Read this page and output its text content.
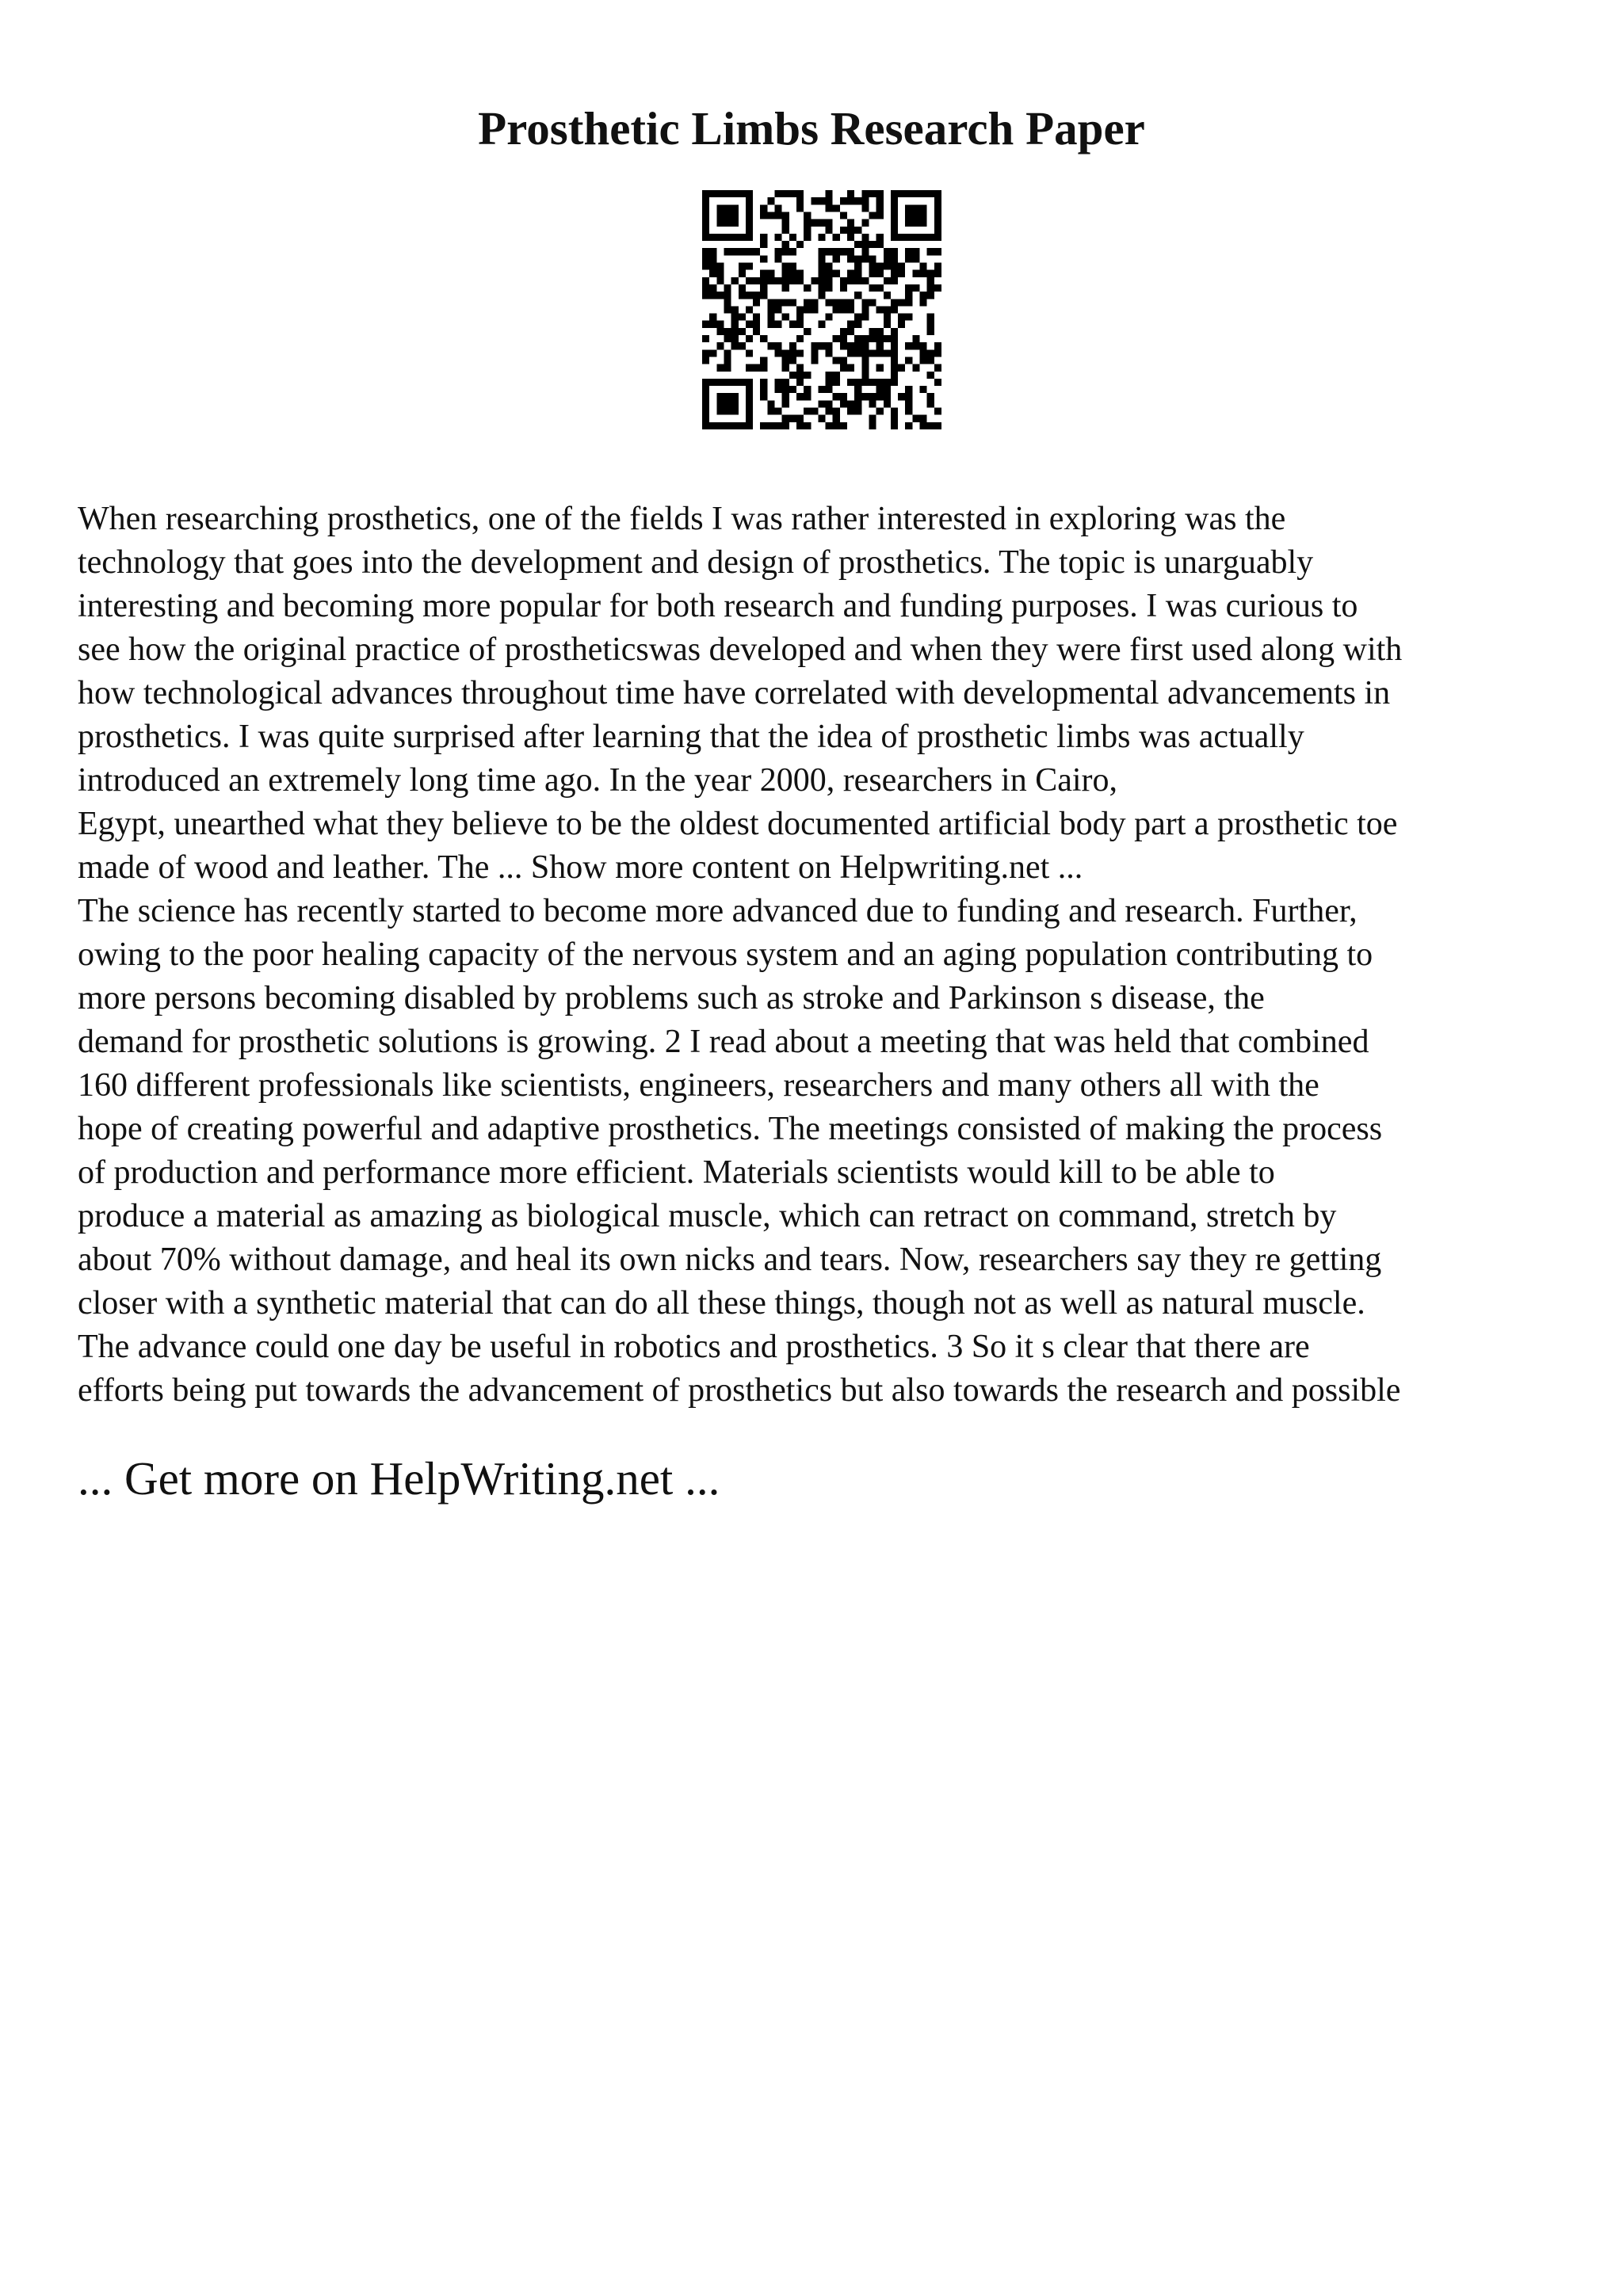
Prosthetic Limbs Research Paper
When researching prosthetics, one of the fields I was rather interested in exploring was the
technology that goes into the development and design of prosthetics. The topic is unarguably
interesting and becoming more popular for both research and funding purposes. I was curious to
see how the original practice of prostheticswas developed and when they were first used along with
how technological advances throughout time have correlated with developmental advancements in
prosthetics. I was quite surprised after learning that the idea of prosthetic limbs was actually
introduced an extremely long time ago. In the year 2000, researchers in Cairo,
Egypt, unearthed what they believe to be the oldest documented artificial body part a prosthetic toe
made of wood and leather. The ... Show more content on Helpwriting.net ...
The science has recently started to become more advanced due to funding and research. Further,
owing to the poor healing capacity of the nervous system and an aging population contributing to
more persons becoming disabled by problems such as stroke and Parkinson s disease, the
demand for prosthetic solutions is growing. 2 I read about a meeting that was held that combined
160 different professionals like scientists, engineers, researchers and many others all with the
hope of creating powerful and adaptive prosthetics. The meetings consisted of making the process
of production and performance more efficient. Materials scientists would kill to be able to
produce a material as amazing as biological muscle, which can retract on command, stretch by
about 70% without damage, and heal its own nicks and tears. Now, researchers say they re getting
closer with a synthetic material that can do all these things, though not as well as natural muscle.
The advance could one day be useful in robotics and prosthetics. 3 So it s clear that there are
efforts being put towards the advancement of prosthetics but also towards the research and possible
... Get more on HelpWriting.net ...
